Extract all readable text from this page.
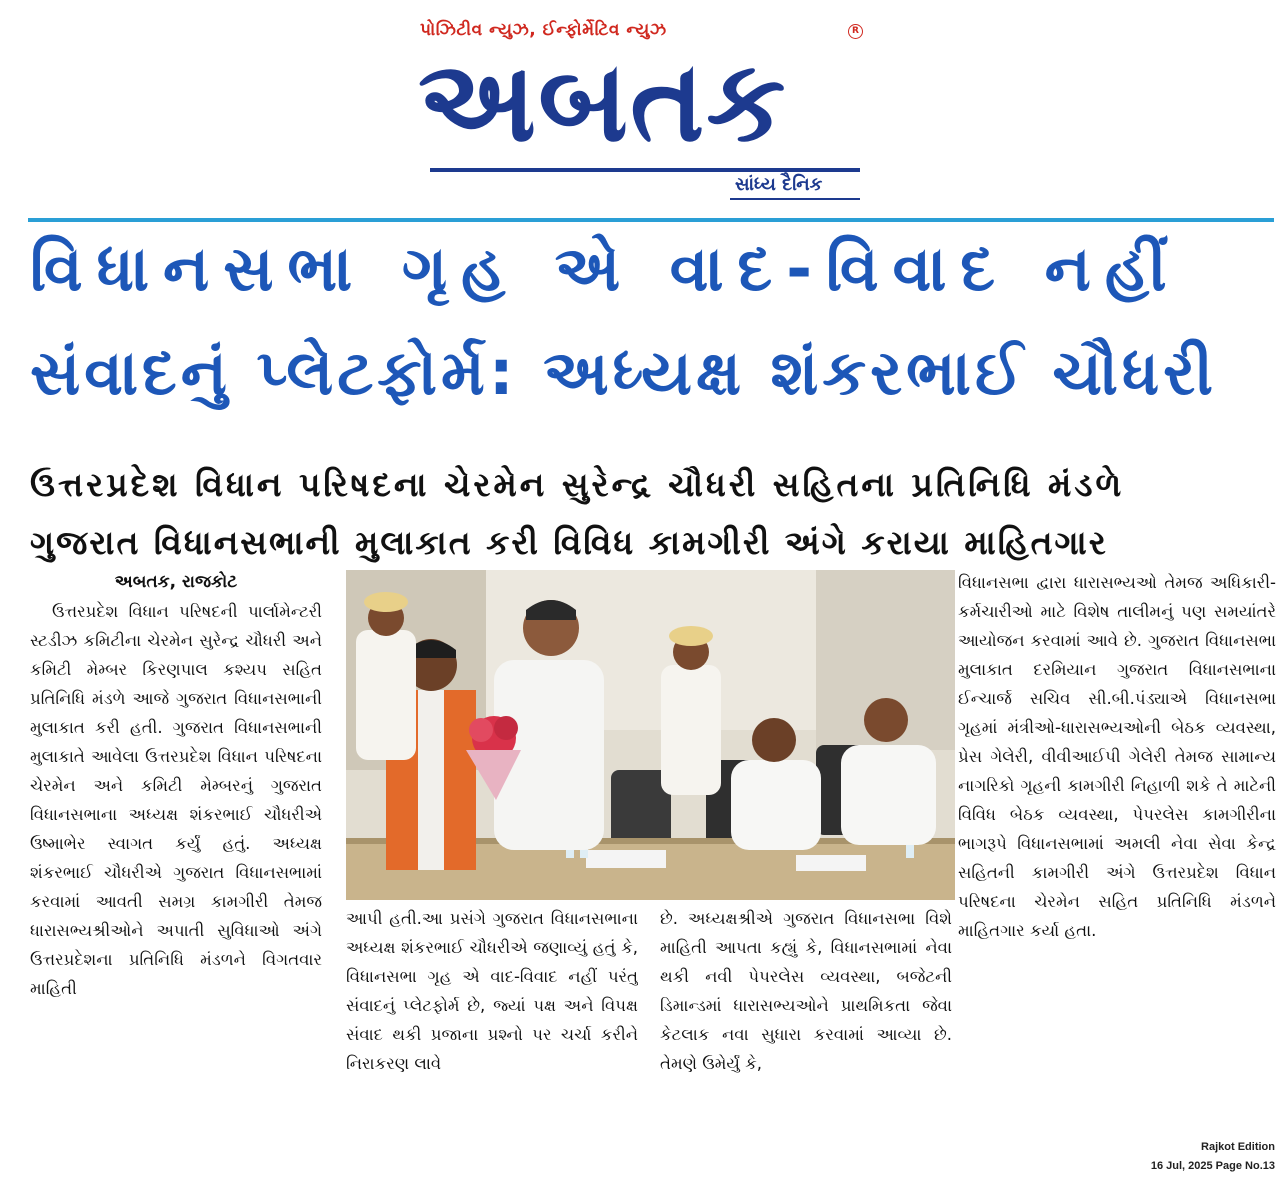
પોઝિટીવ ન્યુઝ, ઈન્ફોર્મેટિવ ન્યુઝ	R
અબતક
સાંધ્ય દૈનિક
વિધાનસભા ગૃહ એ વાદ-વિવાદ નહીં
સંવાદનું પ્લેટફોર્મ: અધ્યક્ષ શંકરભાઈ ચૌધરી
ઉત્તરપ્રદેશ વિધાન પરિષદના ચેરમેન સુરેન્દ્ર ચૌધરી સહિતના પ્રતિનિધિ મંડળે
ગુજરાત વિધાનસભાની મુલાકાત કરી વિવિધ કામગીરી અંગે કરાયા માહિતગાર
અબતક, રાજકોટ

ઉત્તરપ્રદેશ વિધાન પરિષદની પાર્લામેન્ટરી સ્ટડીઝ કમિટીના ચેરમેન સુરેન્દ્ર ચૌધરી અને કમિટી મેમ્બર કિરણપાલ કશ્યપ સહિત પ્રતિનિધિ મંડળે આજે ગુજરાત વિધાનસભાની મુલાકાત કરી હતી. ગુજરાત વિધાનસભાની મુલાકાતે આવેલા ઉત્તરપ્રદેશ વિધાન પરિષદના ચેરમેન અને કમિટી મેમ્બરનું ગુજરાત વિધાનસભાના અધ્યક્ષ શંકરભાઈ ચૌધરીએ ઉષ્માભેર સ્વાગત કર્યું હતું. અધ્યક્ષ શંકરભાઈ ચૌધરીએ ગુજરાત વિધાનસભામાં કરવામાં આવતી સમગ્ર કામગીરી તેમજ ધારાસભ્યશ્રીઓને અપાતી સુવિધાઓ અંગે ઉત્તરપ્રદેશના પ્રતિનિધિ મંડળને વિગતવાર માહિતી

આપી હતી.આ પ્રસંગે ગુજરાત વિધાનસભાના અધ્યક્ષ શંકરભાઈ ચૌધરીએ જણાવ્યું હતું કે, વિધાનસભા ગૃહ એ વાદ-વિવાદ નહીં પરંતુ સંવાદનું પ્લેટફોર્મ છે, જ્યાં પક્ષ અને વિપક્ષ સંવાદ થકી પ્રજાના પ્રશ્નો પર ચર્ચા કરીને નિરાકરણ લાવે
છે. અધ્યક્ષશ્રીએ ગુજરાત વિધાનસભા વિશે માહિતી આપતા કહ્યું કે, વિધાનસભામાં નેવા થકી નવી પેપરલેસ વ્યવસ્થા, બજેટની ડિમાન્ડમાં ધારાસભ્યઓને પ્રાથમિકતા જેવા કેટલાક નવા સુધારા કરવામાં આવ્યા છે. તેમણે ઉમેર્યું કે,
વિધાનસભા દ્વારા ધારાસભ્યઓ તેમજ અધિકારી-કર્મચારીઓ માટે વિશેષ તાલીમનું પણ સમયાંતરે આયોજન કરવામાં આવે છે. ગુજરાત વિધાનસભા મુલાકાત દરમિયાન ગુજરાત વિધાનસભાના ઈન્ચાર્જ સચિવ સી.બી.પંડ્યાએ વિધાનસભા ગૃહમાં મંત્રીઓ-ધારાસભ્યઓની બેઠક વ્યવસ્થા, પ્રેસ ગેલેરી, વીવીઆઈપી ગેલેરી તેમજ સામાન્ય નાગરિકો ગૃહની કામગીરી નિહાળી શકે તે માટેની વિવિધ બેઠક વ્યવસ્થા, પેપરલેસ કામગીરીના ભાગરૂપે વિધાનસભામાં અમલી નેવા સેવા કેન્દ્ર સહિતની કામગીરી અંગે ઉત્તરપ્રદેશ વિધાન પરિષદના ચેરમેન સહિત પ્રતિનિધિ મંડળને માહિતગાર કર્યા હતા.
Rajkot Edition
16 Jul, 2025 Page No.13
